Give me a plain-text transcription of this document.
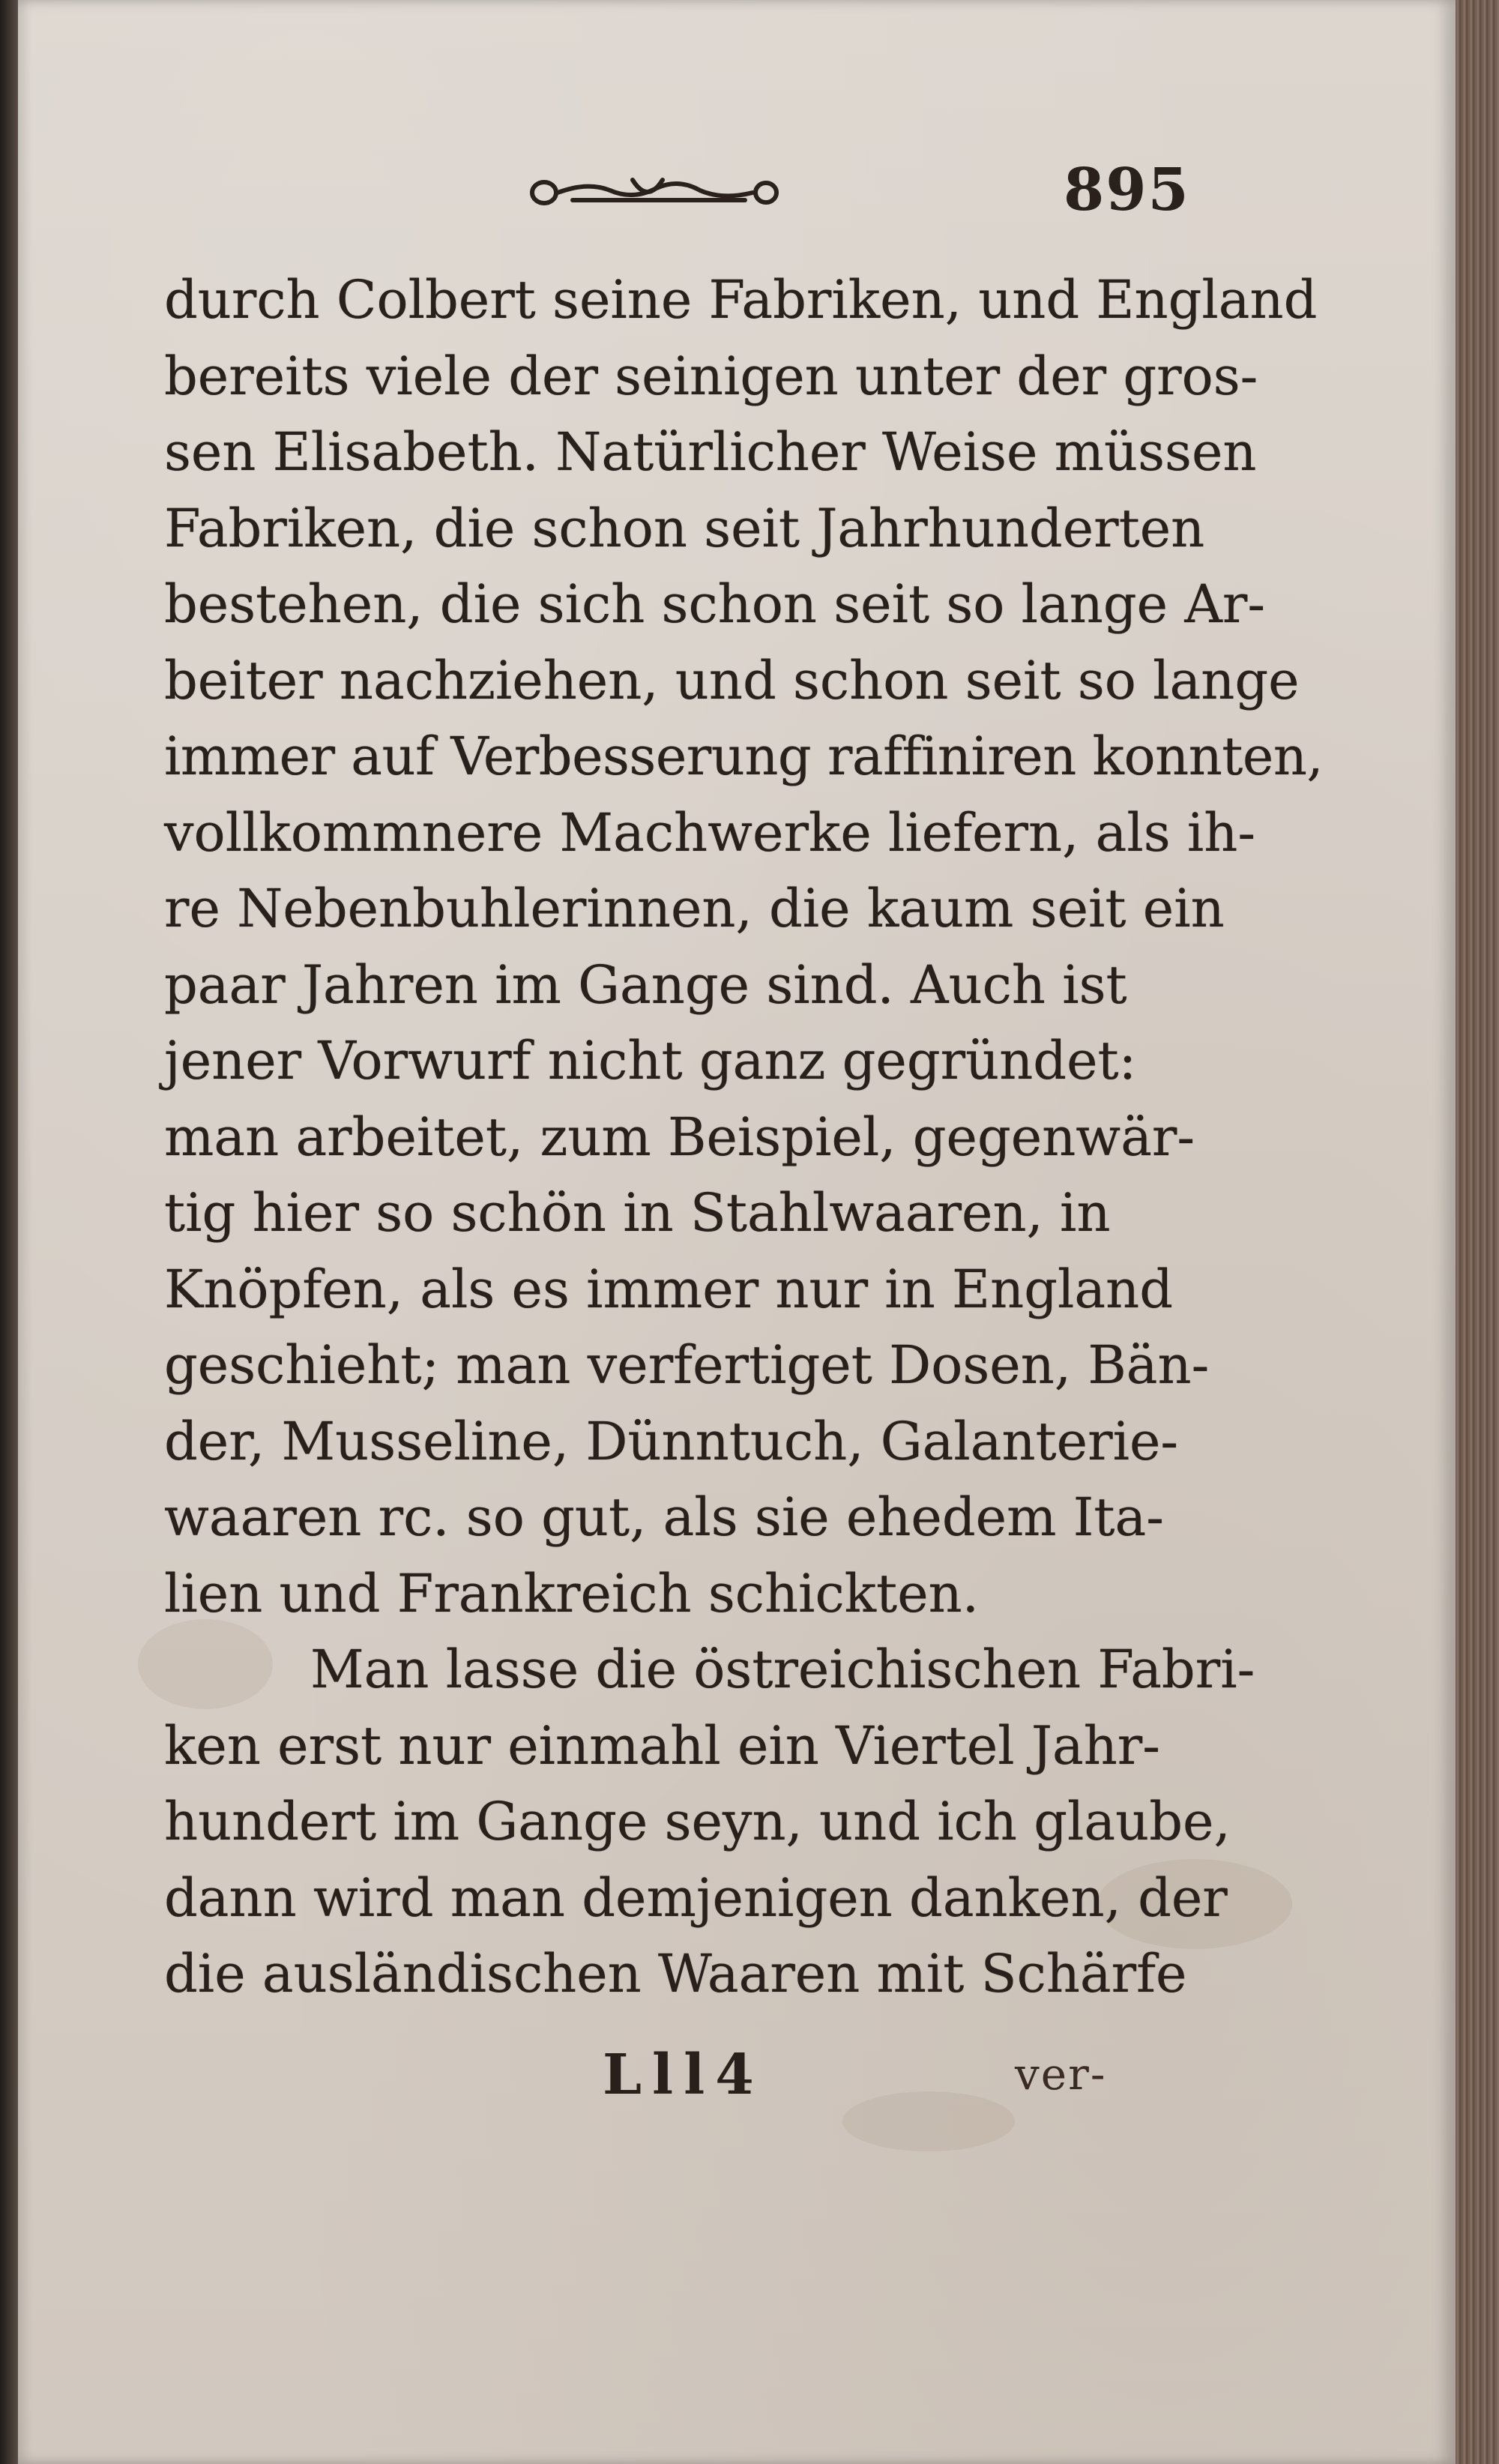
895
durch Colbert seine Fabriken, und England
bereits viele der seinigen unter der gros-
sen Elisabeth. Natürlicher Weise müssen
Fabriken, die schon seit Jahrhunderten
bestehen, die sich schon seit so lange Ar-
beiter nachziehen, und schon seit so lange
immer auf Verbesserung raffiniren konnten,
vollkommnere Machwerke liefern, als ih-
re Nebenbuhlerinnen, die kaum seit ein
paar Jahren im Gange sind. Auch ist
jener Vorwurf nicht ganz gegründet:
man arbeitet, zum Beispiel, gegenwär-
tig hier so schön in Stahlwaaren, in
Knöpfen, als es immer nur in England
geschieht; man verfertiget Dosen, Bän-
der, Musseline, Dünntuch, Galanterie-
waaren rc. so gut, als sie ehedem Ita-
lien und Frankreich schickten.
Man lasse die östreichischen Fabri-
ken erst nur einmahl ein Viertel Jahr-
hundert im Gange seyn, und ich glaube,
dann wird man demjenigen danken, der
die ausländischen Waaren mit Schärfe
Lll4	ver-
